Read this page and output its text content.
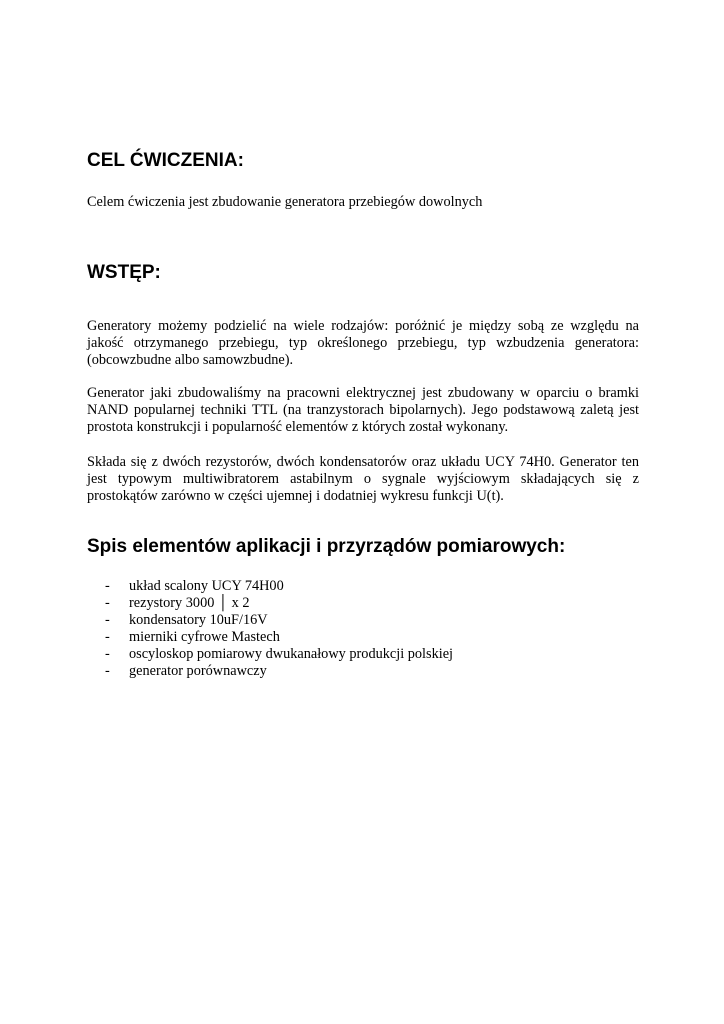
CEL ĆWICZENIA:

Celem ćwiczenia jest zbudowanie generatora przebiegów dowolnych

WSTĘP:

Generatory możemy podzielić na wiele rodzajów: poróżnić je między sobą ze względu na jakość otrzymanego przebiegu, typ określonego przebiegu, typ wzbudzenia generatora: (obcowzbudne albo samowzbudne).

Generator jaki zbudowaliśmy na pracowni elektrycznej jest zbudowany w oparciu o bramki NAND popularnej techniki TTL (na tranzystorach bipolarnych). Jego podstawową zaletą jest prostota konstrukcji i popularność elementów z których został wykonany.

Składa się z dwóch rezystorów, dwóch kondensatorów oraz układu UCY 74H0. Generator ten jest typowym multiwibratorem astabilnym o sygnale wyjściowym składających się z prostokątów zarówno w części ujemnej i dodatniej wykresu funkcji U(t).

Spis elementów aplikacji i przyrządów pomiarowych:
-	układ scalony UCY 74H00
-	rezystory 3000 │ x 2
-	kondensatory 10uF/16V
-	mierniki cyfrowe Mastech
-	oscyloskop pomiarowy dwukanałowy produkcji polskiej
-	generator porównawczy
